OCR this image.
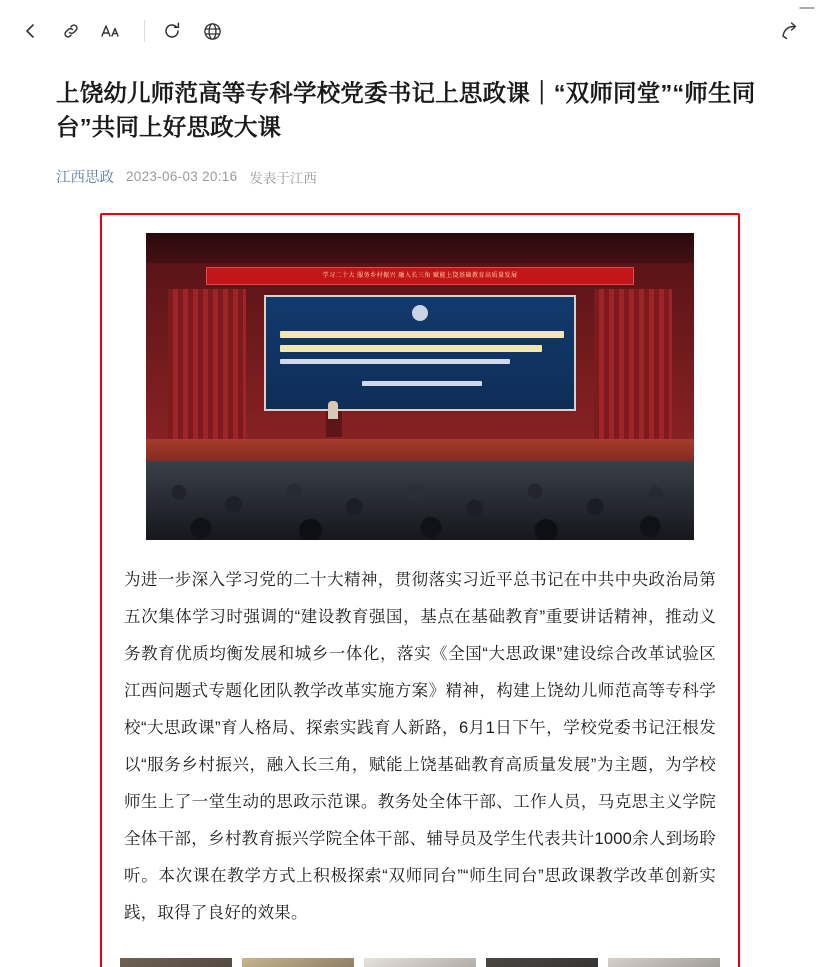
—
上饶幼儿师范高等专科学校党委书记上思政课｜“双师同堂”“师生同台”共同上好思政大课
江西思政 2023-06-03 20:16 发表于江西
学习二十大 服务乡村振兴 融入长三角 赋能上饶基础教育高质量发展

为进一步深入学习党的二十大精神，贯彻落实习近平总书记在中共中央政治局第五次集体学习时强调的“建设教育强国，基点在基础教育”重要讲话精神，推动义务教育优质均衡发展和城乡一体化，落实《全国“大思政课”建设综合改革试验区江西问题式专题化团队教学改革实施方案》精神，构建上饶幼儿师范高等专科学校“大思政课”育人格局、探索实践育人新路，6月1日下午，学校党委书记汪根发以“服务乡村振兴，融入长三角，赋能上饶基础教育高质量发展”为主题，为学校师生上了一堂生动的思政示范课。教务处全体干部、工作人员，马克思主义学院全体干部，乡村教育振兴学院全体干部、辅导员及学生代表共计1000余人到场聆听。本次课在教学方式上积极探索“双师同台”“师生同台”思政课教学改革创新实践，取得了良好的效果。
